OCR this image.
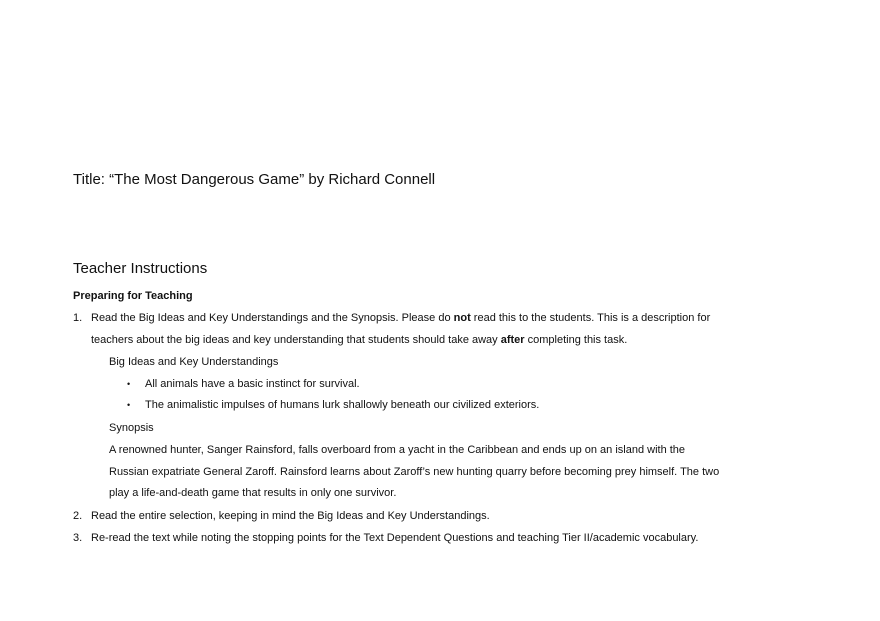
Title: “The Most Dangerous Game” by Richard Connell
Teacher Instructions
Preparing for Teaching
1. Read the Big Ideas and Key Understandings and the Synopsis. Please do not read this to the students. This is a description for
teachers about the big ideas and key understanding that students should take away after completing this task.
Big Ideas and Key Understandings
• All animals have a basic instinct for survival.
• The animalistic impulses of humans lurk shallowly beneath our civilized exteriors.
Synopsis
A renowned hunter, Sanger Rainsford, falls overboard from a yacht in the Caribbean and ends up on an island with the
Russian expatriate General Zaroff. Rainsford learns about Zaroff’s new hunting quarry before becoming prey himself. The two
play a life-and-death game that results in only one survivor.
2. Read the entire selection, keeping in mind the Big Ideas and Key Understandings.
3. Re-read the text while noting the stopping points for the Text Dependent Questions and teaching Tier II/academic vocabulary.
